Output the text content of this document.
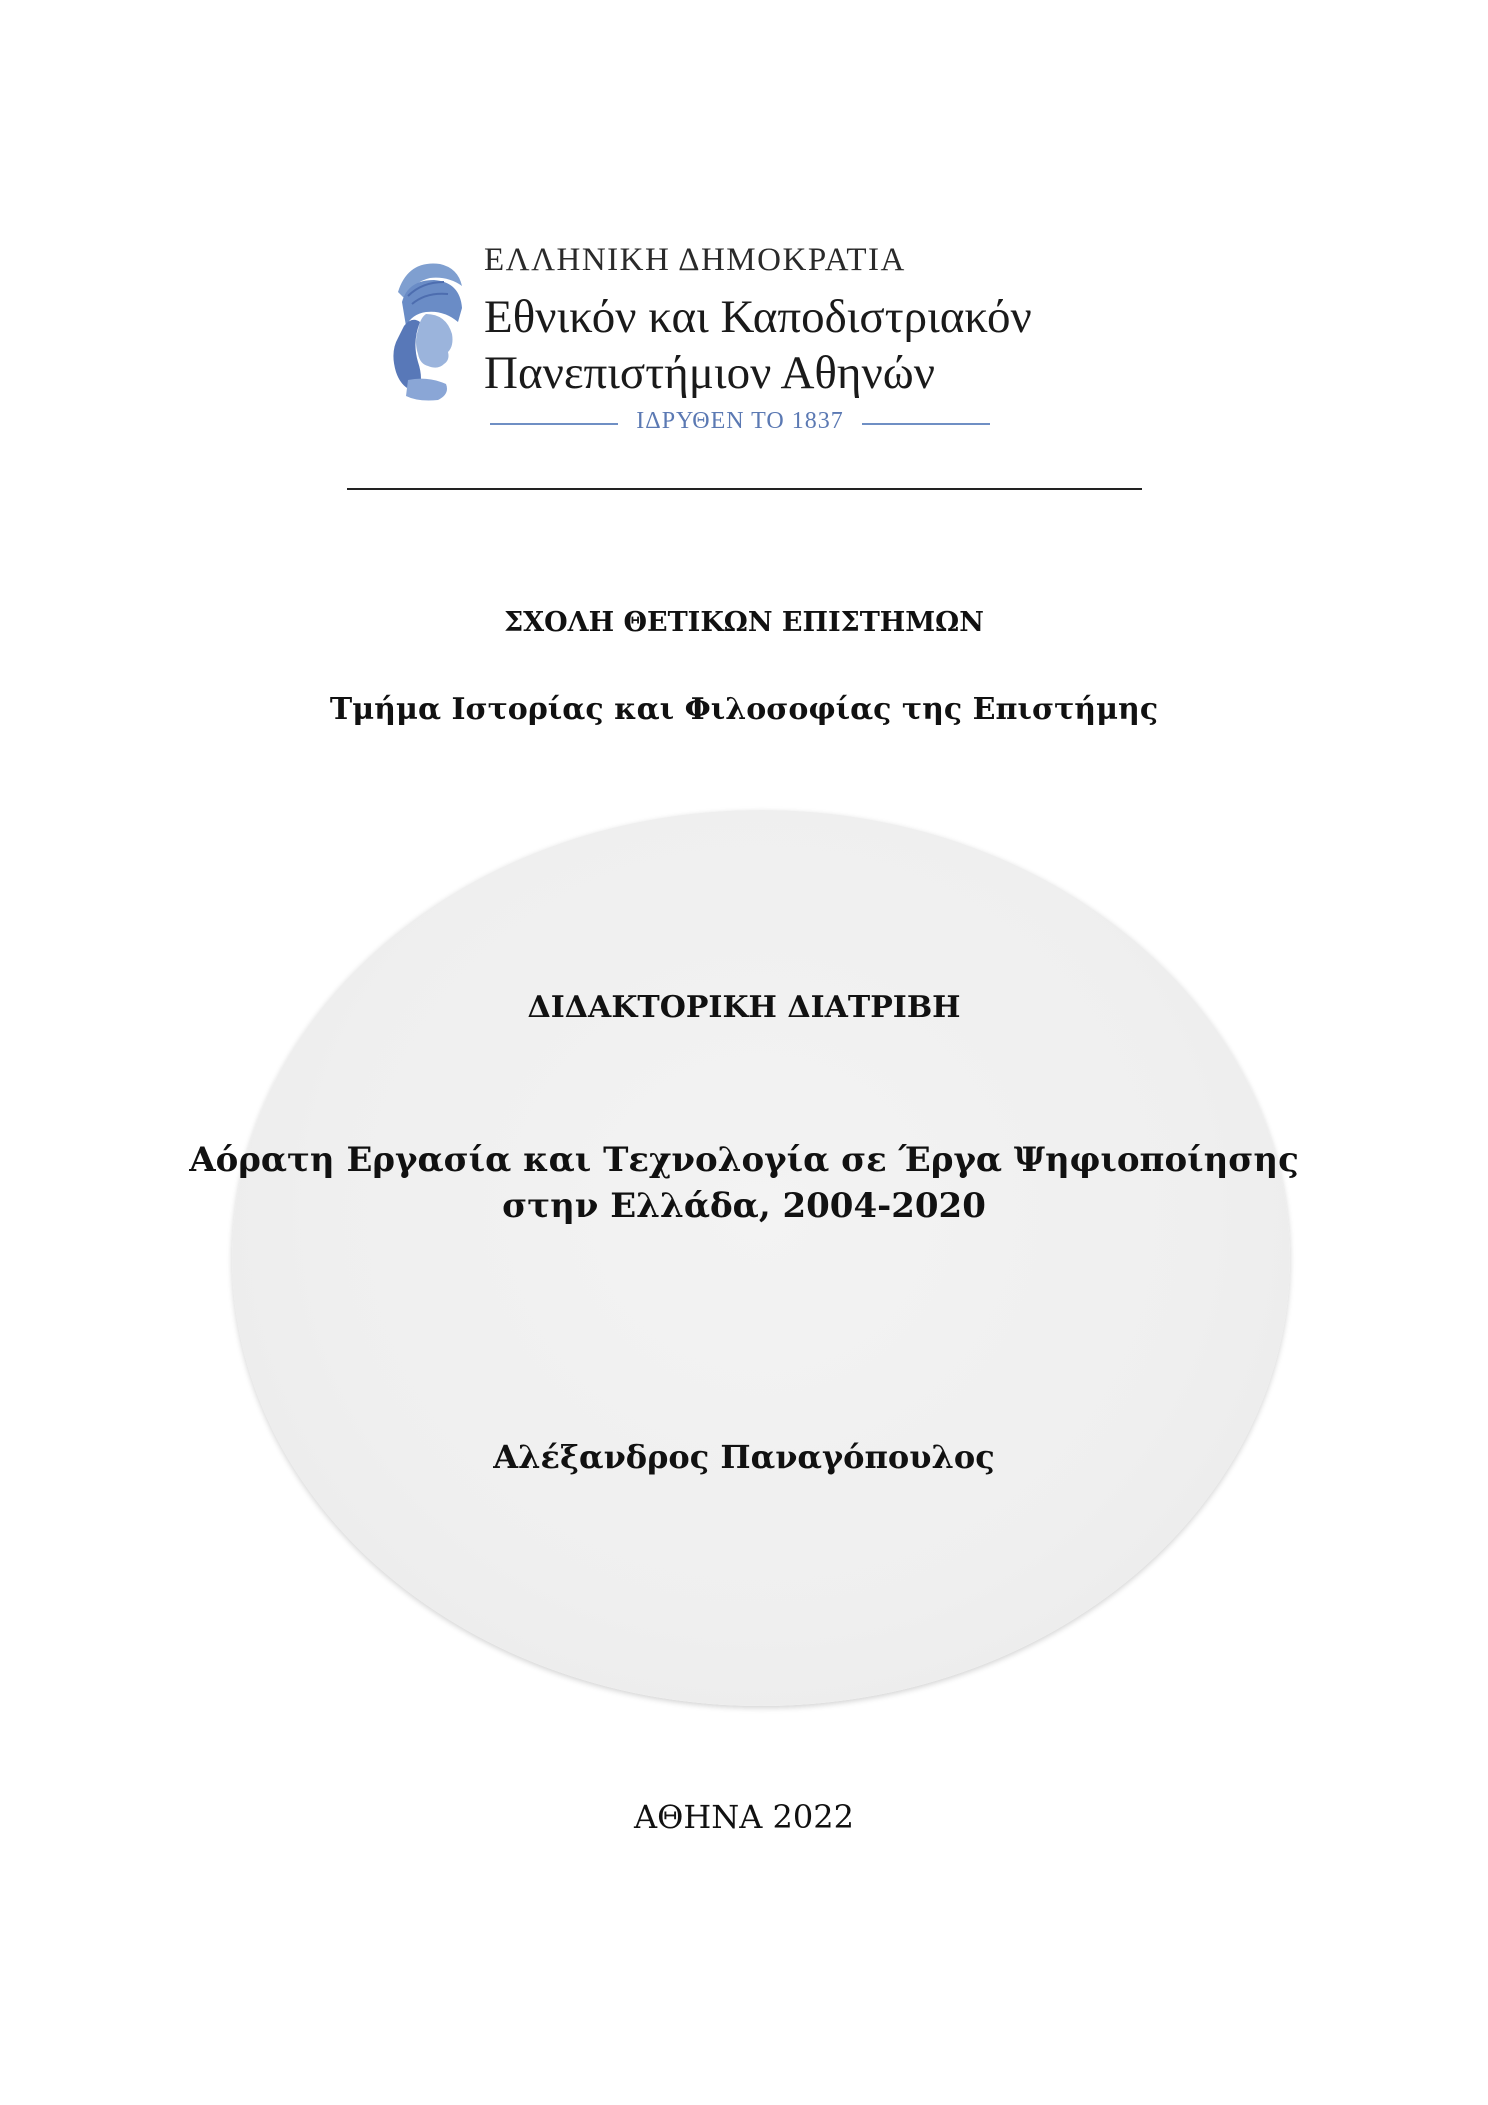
ΕΛΛΗΝΙΚΗ ΔΗΜΟΚΡΑΤΙΑ
Εθνικόν και Καποδιστριακόν
Πανεπιστήμιον Αθηνών
ΙΔΡΥΘΕΝ ΤΟ 1837
ΣΧΟΛΗ ΘΕΤΙΚΩΝ ΕΠΙΣΤΗΜΩΝ
Τμήμα Ιστορίας και Φιλοσοφίας της Επιστήμης
ΔΙΔΑΚΤΟΡΙΚΗ ΔΙΑΤΡΙΒΗ
Αόρατη Εργασία και Τεχνολογία σε Έργα Ψηφιοποίησης
στην Ελλάδα, 2004-2020
Αλέξανδρος Παναγόπουλος
ΑΘΗΝΑ 2022
